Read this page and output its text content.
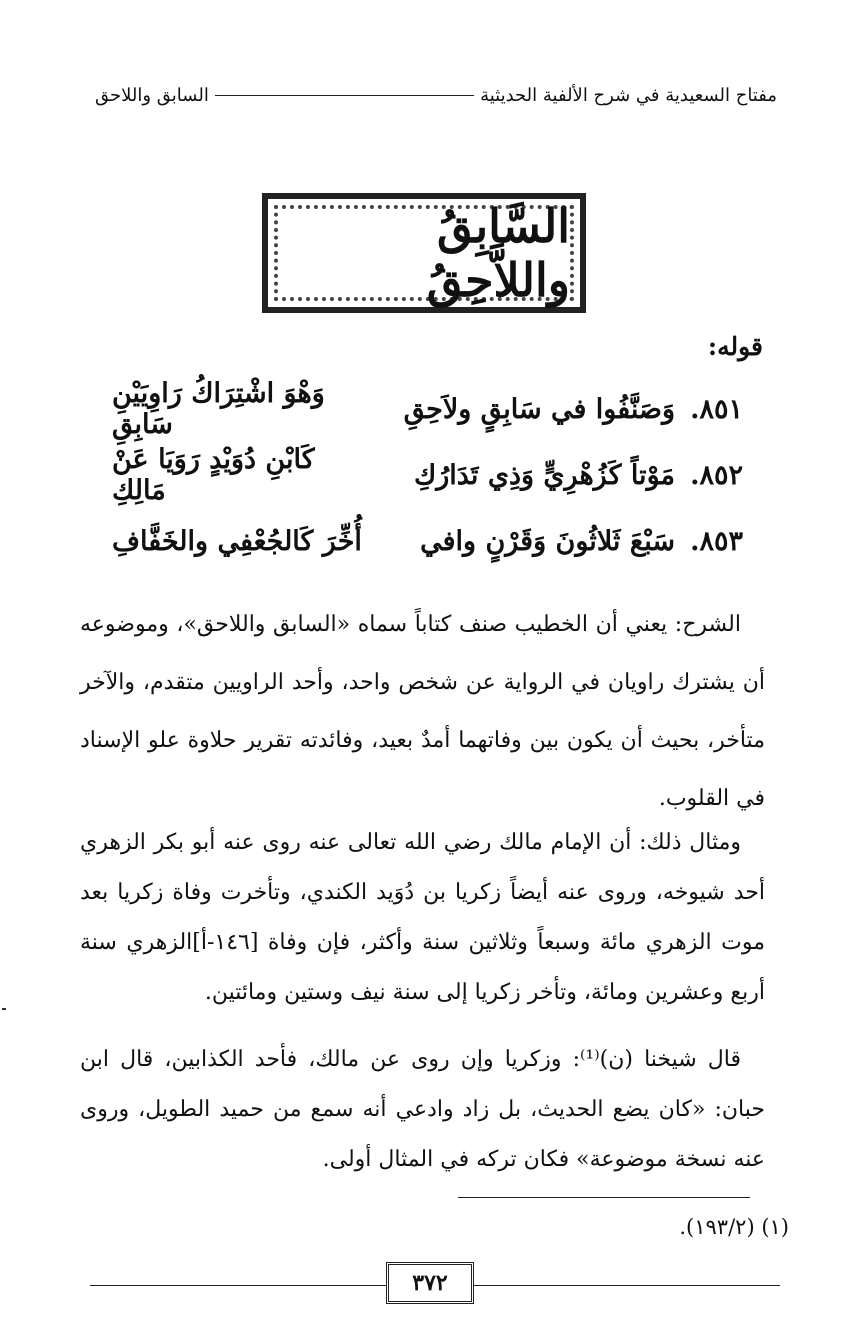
مفتاح السعيدية في شرح الألفية الحديثية
السابق واللاحق
السَّابِقُ واللاَّحِقُ
قوله:
٨٥١.
وَصَنَّفُوا في سَابِقٍ ولاَحِقِ
وَهْوَ اشْتِرَاكُ رَاوِيَيْنِ سَابِقِ
٨٥٢.
مَوْتاً كَزُهْرِيٍّ وَذِي تَدَارُكِ
كَابْنِ دُوَيْدٍ رَوَيَا عَنْ مَالِكِ
٨٥٣.
سَبْعَ ثَلاثُونَ وَقَرْنٍ وافي
أُخِّرَ كَالجُعْفِي والخَفَّافِ

الشرح: يعني أن الخطيب صنف كتاباً سماه «السابق واللاحق»، وموضوعه أن يشترك راويان في الرواية عن شخص واحد، وأحد الراويين متقدم، والآخر متأخر، بحيث أن يكون بين وفاتهما أمدٌ بعيد، وفائدته تقرير حلاوة علو الإسناد في القلوب.

ومثال ذلك: أن الإمام مالك رضي الله تعالى عنه روى عنه أبو بكر الزهري أحد شيوخه، وروى عنه أيضاً زكريا بن دُوَيد الكندي، وتأخرت وفاة زكريا بعد موت الزهري مائة وسبعاً وثلاثين سنة وأكثر، فإن وفاة [١٤٦-أ]الزهري سنة أربع وعشرين ومائة، وتأخر زكريا إلى سنة نيف وستين ومائتين.

قال شيخنا (ن)⁽¹⁾: وزكريا وإن روى عن مالك، فأحد الكذابين، قال ابن حبان: «كان يضع الحديث، بل زاد وادعي أنه سمع من حميد الطويل، وروى عنه نسخة موضوعة» فكان تركه في المثال أولى.

(١) (١٩٣/٢).
٣٧٢
